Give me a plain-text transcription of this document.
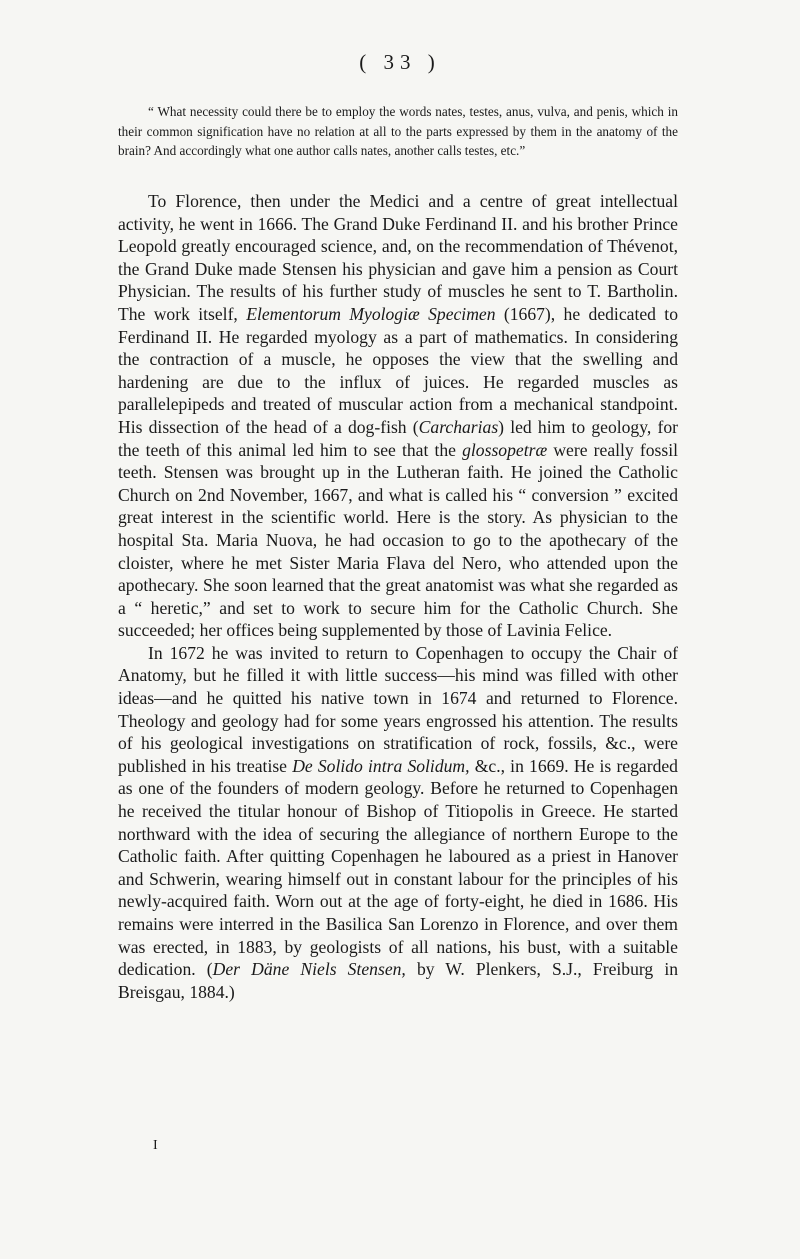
( 33 )

“ What necessity could there be to employ the words nates, testes, anus, vulva, and penis, which in their common signification have no relation at all to the parts expressed by them in the anatomy of the brain? And accordingly what one author calls nates, another calls testes, etc.”

To Florence, then under the Medici and a centre of great intellectual activity, he went in 1666. The Grand Duke Ferdinand II. and his brother Prince Leopold greatly encouraged science, and, on the recommendation of Thévenot, the Grand Duke made Stensen his physician and gave him a pension as Court Physician. The results of his further study of muscles he sent to T. Bartholin. The work itself, Elementorum Myologiæ Specimen (1667), he dedicated to Ferdinand II. He regarded myology as a part of mathematics. In considering the contraction of a muscle, he opposes the view that the swelling and hardening are due to the influx of juices. He regarded muscles as parallelepipeds and treated of muscular action from a mechanical standpoint. His dissection of the head of a dog-fish (Carcharias) led him to geology, for the teeth of this animal led him to see that the glossopetræ were really fossil teeth. Stensen was brought up in the Lutheran faith. He joined the Catholic Church on 2nd November, 1667, and what is called his “ conversion ” excited great interest in the scientific world. Here is the story. As physician to the hospital Sta. Maria Nuova, he had occasion to go to the apothecary of the cloister, where he met Sister Maria Flava del Nero, who attended upon the apothecary. She soon learned that the great anatomist was what she regarded as a “ heretic,” and set to work to secure him for the Catholic Church. She succeeded; her offices being supplemented by those of Lavinia Felice.

In 1672 he was invited to return to Copenhagen to occupy the Chair of Anatomy, but he filled it with little success—his mind was filled with other ideas—and he quitted his native town in 1674 and returned to Florence. Theology and geology had for some years engrossed his attention. The results of his geological investigations on stratification of rock, fossils, &c., were published in his treatise De Solido intra Solidum, &c., in 1669. He is regarded as one of the founders of modern geology. Before he returned to Copenhagen he received the titular honour of Bishop of Titiopolis in Greece. He started northward with the idea of securing the allegiance of northern Europe to the Catholic faith. After quitting Copenhagen he laboured as a priest in Hanover and Schwerin, wearing himself out in constant labour for the principles of his newly-acquired faith. Worn out at the age of forty-eight, he died in 1686. His remains were interred in the Basilica San Lorenzo in Florence, and over them was erected, in 1883, by geologists of all nations, his bust, with a suitable dedication. (Der Däne Niels Stensen, by W. Plenkers, S.J., Freiburg in Breisgau, 1884.)

I
